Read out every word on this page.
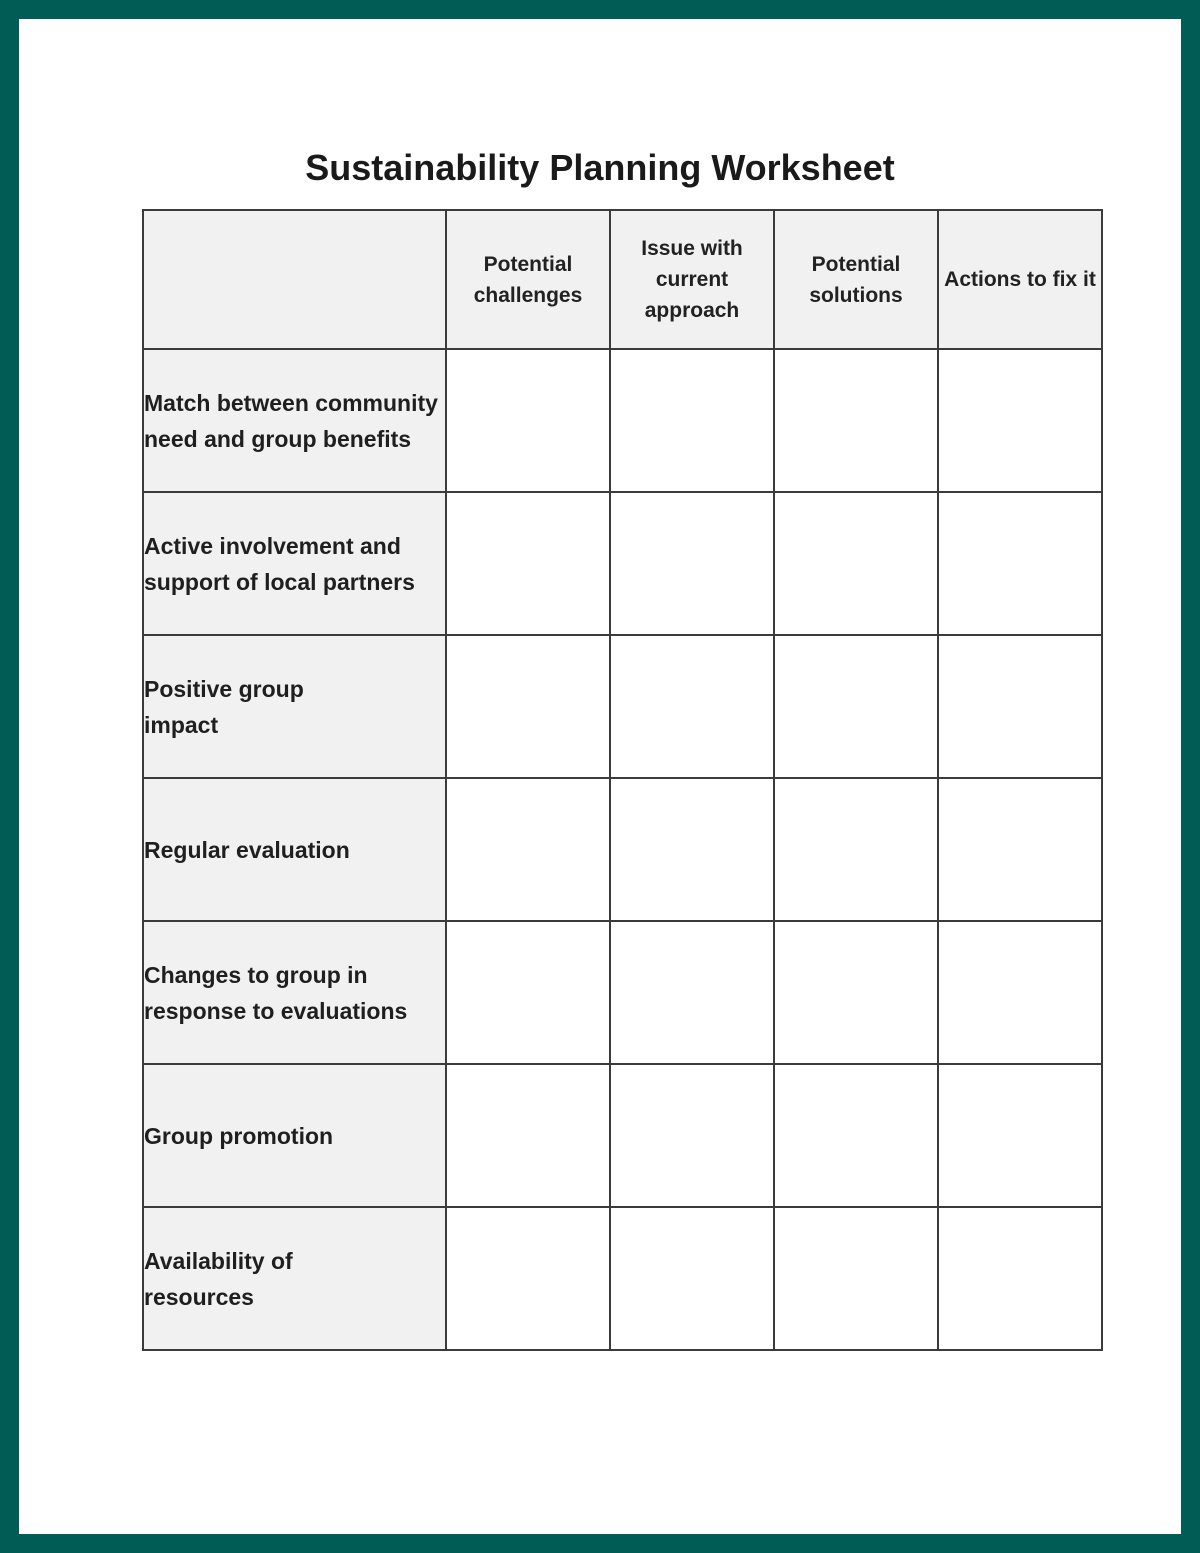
Sustainability Planning Worksheet
	Potential challenges	Issue with current approach	Potential solutions	Actions to fix it
Match between community need and group benefits				
Active involvement and support of local partners				
Positive group impact				
Regular evaluation				
Changes to group in response to evaluations				
Group promotion				
Availability of resources				
